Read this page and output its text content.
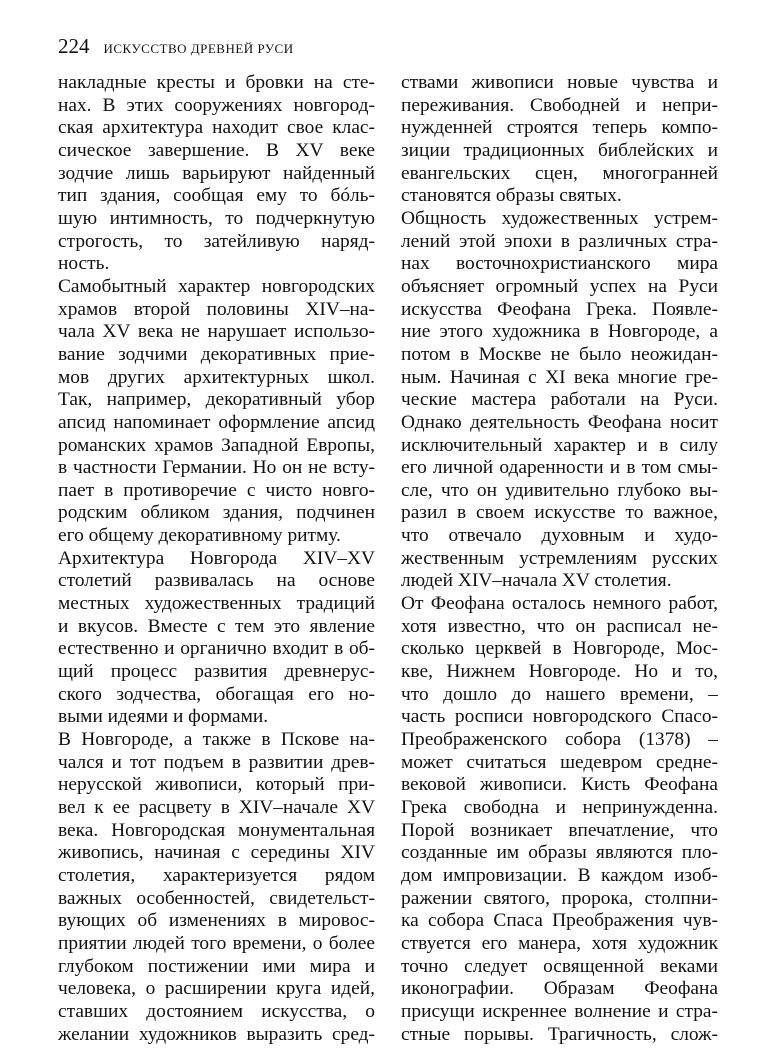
224 ИСКУССТВО ДРЕВНЕЙ РУСИ
накладные кресты и бровки на сте-
нах. В этих сооружениях новгород-
ская архитектура находит свое клас-
сическое завершение. В XV веке
зодчие лишь варьируют найденный
тип здания, сообщая ему то бóль-
шую интимность, то подчеркнутую
строгость, то затейливую наряд-
ность.
Самобытный характер новгородских
храмов второй половины XIV–на-
чала XV века не нарушает использо-
вание зодчими декоративных прие-
мов других архитектурных школ.
Так, например, декоративный убор
апсид напоминает оформление апсид
романских храмов Западной Европы,
в частности Германии. Но он не всту-
пает в противоречие с чисто новго-
родским обликом здания, подчинен
его общему декоративному ритму.
Архитектура Новгорода XIV–XV
столетий развивалась на основе
местных художественных традиций
и вкусов. Вместе с тем это явление
естественно и органично входит в об-
щий процесс развития древнерус-
ского зодчества, обогащая его но-
выми идеями и формами.
В Новгороде, а также в Пскове на-
чался и тот подъем в развитии древ-
нерусской живописи, который при-
вел к ее расцвету в XIV–начале XV
века. Новгородская монументальная
живопись, начиная с середины XIV
столетия, характеризуется рядом
важных особенностей, свидетельст-
вующих об изменениях в мировос-
приятии людей того времени, о более
глубоком постижении ими мира и
человека, о расширении круга идей,
ставших достоянием искусства, о
желании художников выразить сред-
ствами живописи новые чувства и
переживания. Свободней и непри-
нужденней строятся теперь компо-
зиции традиционных библейских и
евангельских сцен, многогранней
становятся образы святых.
Общность художественных устрем-
лений этой эпохи в различных стра-
нах восточнохристианского мира
объясняет огромный успех на Руси
искусства Феофана Грека. Появле-
ние этого художника в Новгороде, а
потом в Москве не было неожидан-
ным. Начиная с XI века многие гре-
ческие мастера работали на Руси.
Однако деятельность Феофана носит
исключительный характер и в силу
его личной одаренности и в том смы-
сле, что он удивительно глубоко вы-
разил в своем искусстве то важное,
что отвечало духовным и худо-
жественным устремлениям русских
людей XIV–начала XV столетия.
От Феофана осталось немного работ,
хотя известно, что он расписал не-
сколько церквей в Новгороде, Мос-
кве, Нижнем Новгороде. Но и то,
что дошло до нашего времени, –
часть росписи новгородского Спасо-
Преображенского собора (1378) –
может считаться шедевром средне-
вековой живописи. Кисть Феофана
Грека свободна и непринужденна.
Порой возникает впечатление, что
созданные им образы являются пло-
дом импровизации. В каждом изоб-
ражении святого, пророка, столпни-
ка собора Спаса Преображения чув-
ствуется его манера, хотя художник
точно следует освященной веками
иконографии. Образам Феофана
присущи искреннее волнение и стра-
стные порывы. Трагичность, слож-
